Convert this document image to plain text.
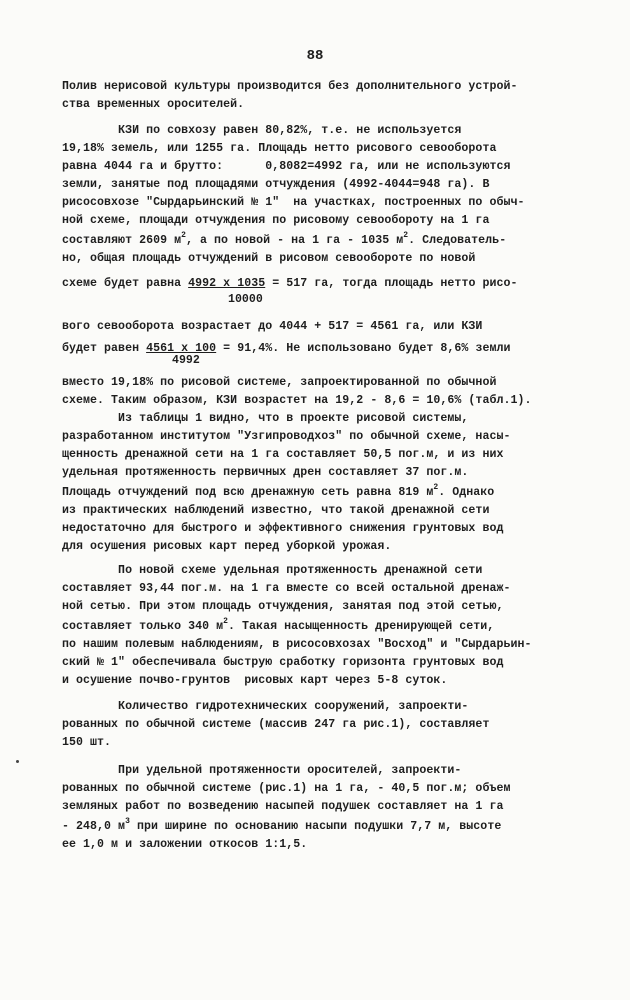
88
Полив нерисовой культуры производится без дополнительного устрой-
ства временных оросителей.
КЗИ по совхозу равен 80,82%, т.е. не используется
19,18% земель, или 1255 га. Площадь нетто рисового севооборота
равна 4044 га и брутто:      0,8082=4992 га, или не используются
земли, занятые под площадями отчуждения (4992-4044=948 га). В
рисосовхозе "Сырдарьинский № 1"  на участках, построенных по обыч-
ной схеме, площади отчуждения по рисовому севообороту на 1 га
составляют 2609 $м^2$, а по новой - на 1 га - 1035 $м^2$. Следователь-
но, общая площадь отчуждений в рисовом севообороте по новой
схеме будет равна 4992 х 1035 = 517 га, тогда площадь нетто рисо-
10000
вого севооборота возрастает до 4044 + 517 = 4561 га, или КЗИ
будет равен 4561 х 100 = 91,4%. Не использовано будет 8,6% земли
4992
вместо 19,18% по рисовой системе, запроектированной по обычной
схеме. Таким образом, КЗИ возрастет на 19,2 - 8,6 = 10,6% (табл.1).
Из таблицы 1 видно, что в проекте рисовой системы,
разработанном институтом "Узгипроводхоз" по обычной схеме, насы-
щенность дренажной сети на 1 га составляет 50,5 пог.м, и из них
удельная протяженность первичных дрен составляет 37 пог.м.
Площадь отчуждений под всю дренажную сеть равна 819 $м^2$. Однако
из практических наблюдений известно, что такой дренажной сети
недостаточно для быстрого и эффективного снижения грунтовых вод
для осушения рисовых карт перед уборкой урожая.
По новой схеме удельная протяженность дренажной сети
составляет 93,44 пог.м. на 1 га вместе со всей остальной дренаж-
ной сетью. При этом площадь отчуждения, занятая под этой сетью,
составляет только 340 $м^2$. Такая насыщенность дренирующей сети,
по нашим полевым наблюдениям, в рисосовхозах "Восход" и "Сырдарьин-
ский № 1" обеспечивала быструю сработку горизонта грунтовых вод
и осушение почво-грунтов  рисовых карт через 5-8 суток.
Количество гидротехнических сооружений, запроекти-
рованных по обычной системе (массив 247 га рис.1), составляет
150 шт.
При удельной протяженности оросителей, запроекти-
рованных по обычной системе (рис.1) на 1 га, - 40,5 пог.м; объем
земляных работ по возведению насыпей подушек составляет на 1 га
- 248,0 $м^3$ при ширине по основанию насыпи подушки 7,7 м, высоте
ее 1,0 м и заложении откосов 1:1,5.
